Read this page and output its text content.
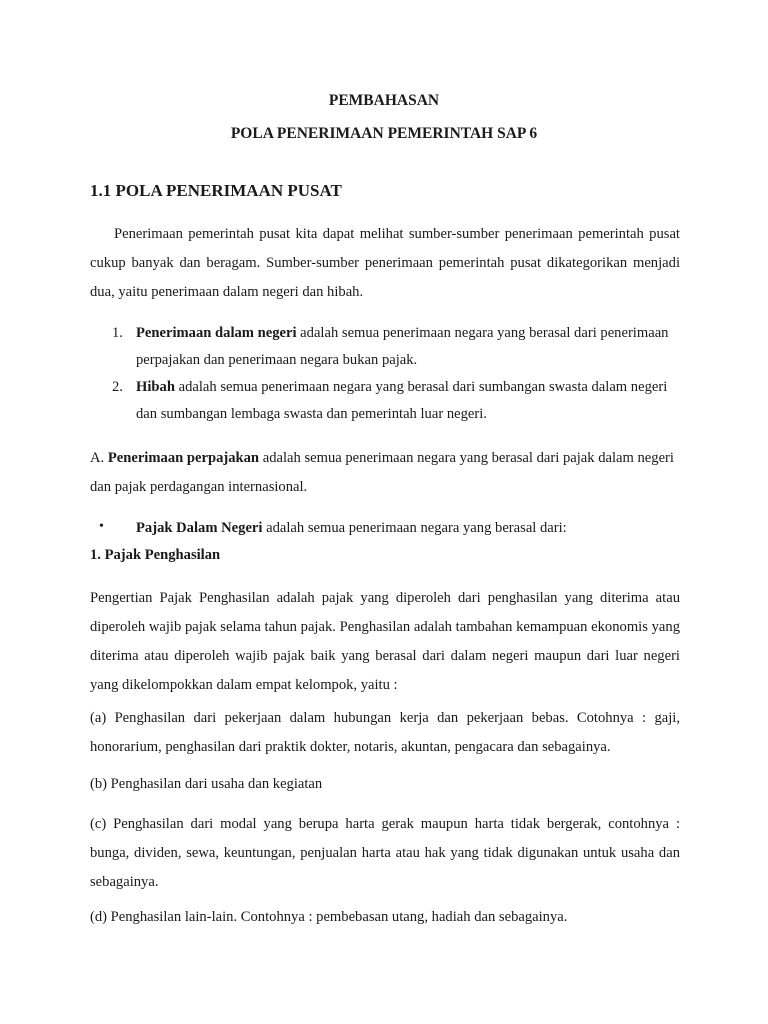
PEMBAHASAN
POLA PENERIMAAN PEMERINTAH SAP 6
1.1 POLA PENERIMAAN PUSAT
Penerimaan pemerintah pusat kita dapat melihat sumber-sumber penerimaan pemerintah pusat cukup banyak dan beragam. Sumber-sumber penerimaan pemerintah pusat dikategorikan menjadi dua, yaitu penerimaan dalam negeri dan hibah.
1. Penerimaan dalam negeri adalah semua penerimaan negara yang berasal dari penerimaan perpajakan dan penerimaan negara bukan pajak.
2. Hibah adalah semua penerimaan negara yang berasal dari sumbangan swasta dalam negeri dan sumbangan lembaga swasta dan pemerintah luar negeri.
A. Penerimaan perpajakan adalah semua penerimaan negara yang berasal dari pajak dalam negeri dan pajak perdagangan internasional.
• Pajak Dalam Negeri adalah semua penerimaan negara yang berasal dari:
1. Pajak Penghasilan
Pengertian Pajak Penghasilan adalah pajak yang diperoleh dari penghasilan yang diterima atau diperoleh wajib pajak selama tahun pajak. Penghasilan adalah tambahan kemampuan ekonomis yang diterima atau diperoleh wajib pajak baik yang berasal dari dalam negeri maupun dari luar negeri yang dikelompokkan dalam empat kelompok, yaitu :
(a) Penghasilan dari pekerjaan dalam hubungan kerja dan pekerjaan bebas. Cotohnya : gaji, honorarium, penghasilan dari praktik dokter, notaris, akuntan, pengacara dan sebagainya.
(b) Penghasilan dari usaha dan kegiatan
(c) Penghasilan dari modal yang berupa harta gerak maupun harta tidak bergerak, contohnya : bunga, dividen, sewa, keuntungan, penjualan harta atau hak yang tidak digunakan untuk usaha dan sebagainya.
(d) Penghasilan lain-lain. Contohnya : pembebasan utang, hadiah dan sebagainya.
